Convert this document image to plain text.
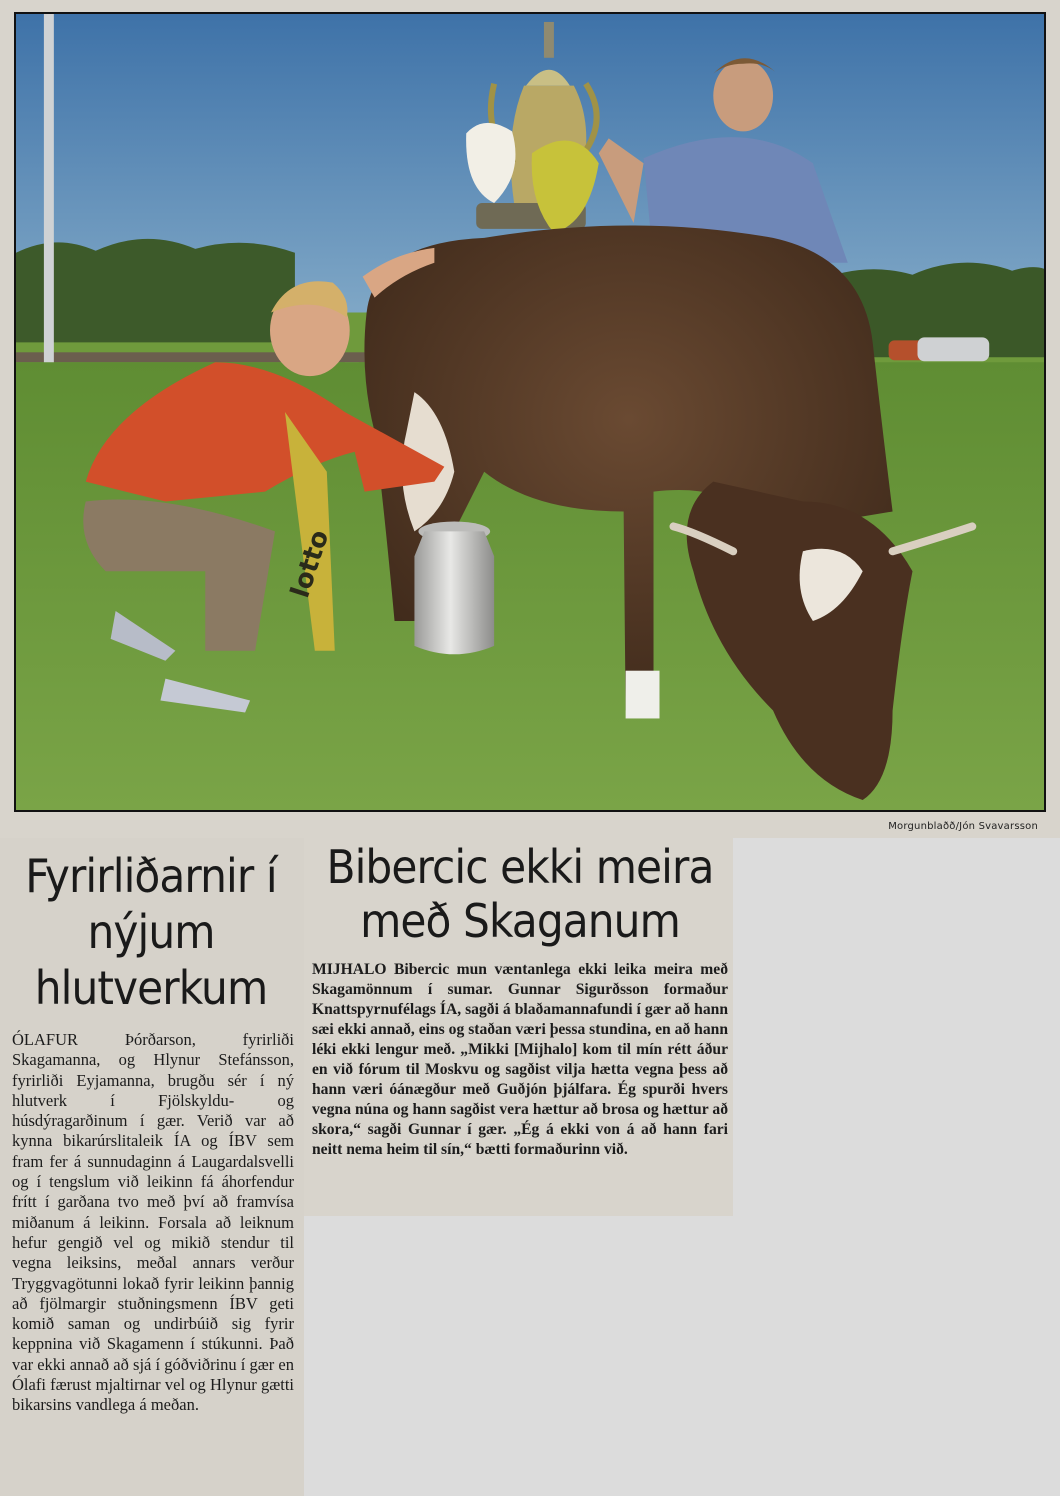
lotto
Morgunblaðð/Jón Svavarsson
Fyrirliðarnir í nýjum hlutverkum

ÓLAFUR	Þórðarson, fyrirliði Skagamanna, og Hlynur Stefánsson, fyrirliði Eyjamanna, brugðu sér í ný hlutverk í Fjölskyldu- og húsdýragarðinum í gær. Verið var að kynna bikarúrslitaleik ÍA og ÍBV sem fram fer á sunnudaginn á Laugardalsvelli og í tengslum við leikinn fá áhorfendur frítt í garðana tvo með því að framvísa miðanum á leikinn. Forsala að leiknum hefur gengið vel og mikið stendur til vegna leiksins, meðal annars verður Tryggvagötunni lokað fyrir leikinn þannig að fjölmargir stuðningsmenn ÍBV geti komið saman og undirbúið sig fyrir keppnina við Skagamenn í stúkunni. Það var ekki annað að sjá í góðviðrinu í gær en Ólafi færust mjaltirnar vel og Hlynur gætti bikarsins vandlega á meðan.

Bibercic ekki meira með Skaganum

MIJHALO Bibercic mun væntanlega ekki leika meira með Skagamönnum í sumar. Gunnar Sigurðsson formaður Knattspyrnufélags ÍA, sagði á blaðamannafundi í gær að hann sæi ekki annað, eins og staðan væri þessa stundina, en að hann léki ekki lengur með. „Mikki [Mijhalo] kom til mín rétt áður en við fórum til Moskvu og sagðist vilja hætta vegna þess að hann væri óánægður með Guðjón þjálfara. Ég spurði hvers vegna núna og hann sagðist vera hættur að brosa og hættur að skora,“ sagði Gunnar í gær. „Ég á ekki von á að hann fari neitt nema heim til sín,“ bætti formaðurinn við.
